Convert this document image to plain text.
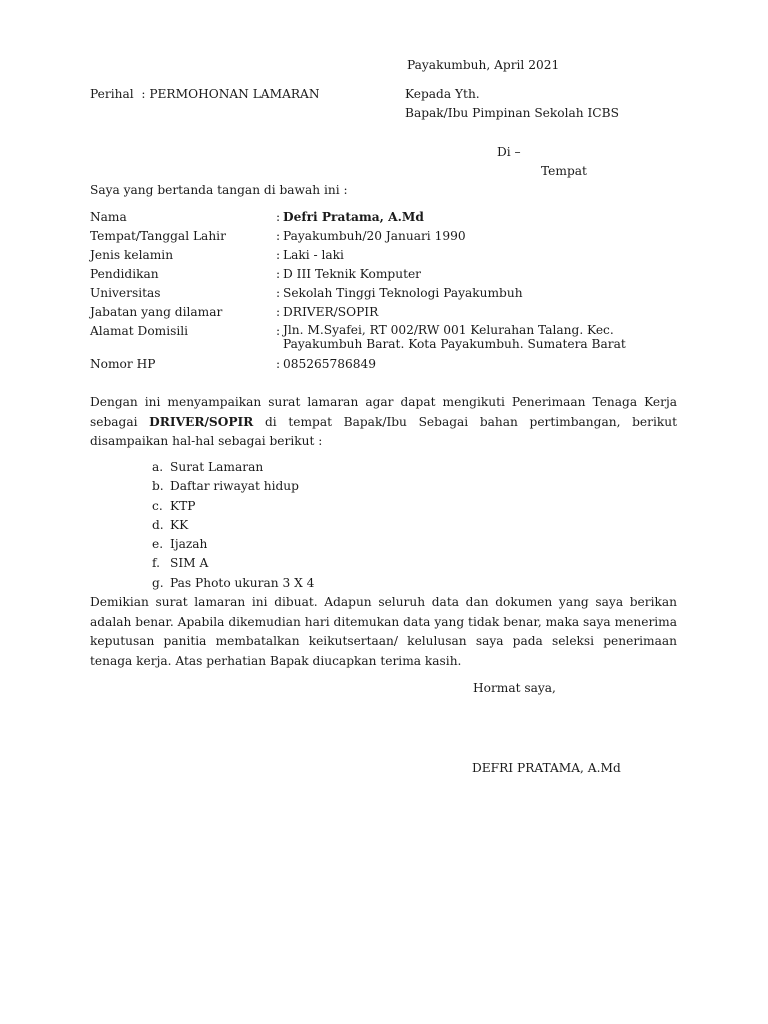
Payakumbuh, April 2021
Perihal : PERMOHONAN LAMARAN	Kepada Yth.
Bapak/Ibu Pimpinan Sekolah ICBS
Di –
Tempat
Saya yang bertanda tangan di bawah ini :
Nama	: Defri Pratama, A.Md
Tempat/Tanggal Lahir	: Payakumbuh/20 Januari 1990
Jenis kelamin	: Laki - laki
Pendidikan	: D III Teknik Komputer
Universitas	: Sekolah Tinggi Teknologi Payakumbuh
Jabatan yang dilamar	: DRIVER/SOPIR
Alamat Domisili	: Jln. M.Syafei, RT 002/RW 001 Kelurahan Talang. Kec. Payakumbuh Barat. Kota Payakumbuh. Sumatera Barat
Nomor HP	: 085265786849
Dengan ini menyampaikan surat lamaran agar dapat mengikuti Penerimaan Tenaga Kerja sebagai DRIVER/SOPIR di tempat Bapak/Ibu Sebagai bahan pertimbangan, berikut disampaikan hal-hal sebagai berikut :
a. Surat Lamaran
b. Daftar riwayat hidup
c. KTP
d. KK
e. Ijazah
f. SIM A
g. Pas Photo ukuran 3 X 4
Demikian surat lamaran ini dibuat. Adapun seluruh data dan dokumen yang saya berikan adalah benar. Apabila dikemudian hari ditemukan data yang tidak benar, maka saya menerima keputusan panitia membatalkan keikutsertaan/ kelulusan saya pada seleksi penerimaan tenaga kerja. Atas perhatian Bapak diucapkan terima kasih.
Hormat saya,
DEFRI PRATAMA, A.Md
